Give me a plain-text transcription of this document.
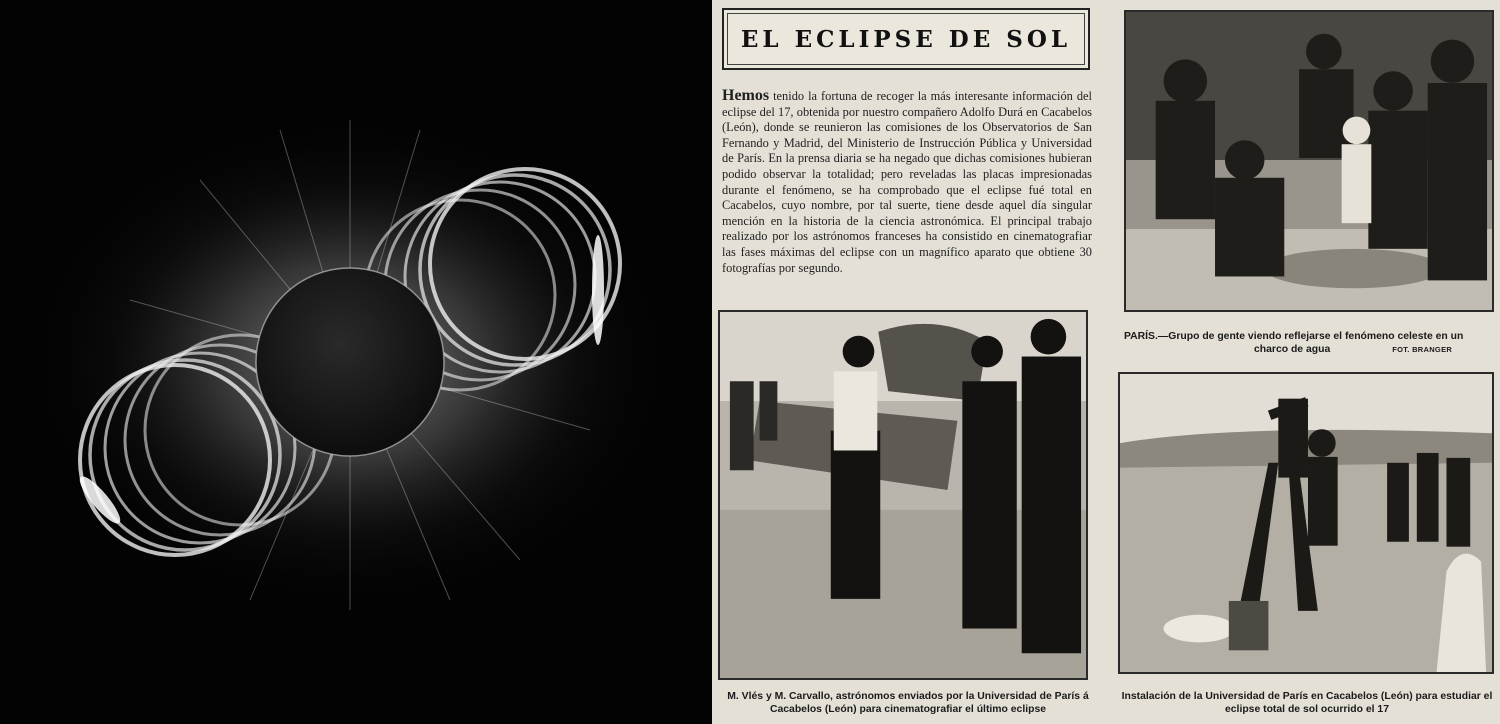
EL ECLIPSE DE SOL

Hemos tenido la fortuna de recoger la más interesante información del eclipse del 17, obtenida por nuestro compañero Adolfo Durá en Cacabelos (León), donde se reunieron las comisiones de los Observatorios de San Fernando y Madrid, del Ministerio de Instrucción Pública y Universidad de París. En la prensa diaria se ha negado que dichas comisiones hubieran podido observar la totalidad; pero reveladas las placas impresionadas durante el fenómeno, se ha comprobado que el eclipse fué total en Cacabelos, cuyo nombre, por tal suerte, tiene desde aquel día singular mención en la historia de la ciencia astronómica. El principal trabajo realizado por los astrónomos franceses ha consistido en cinematografiar las fases máximas del eclipse con un magnífico aparato que obtiene 30 fotografías por segundo.

PARÍS.—Grupo de gente viendo reflejarse el fenómeno celeste en un
charco de agua	FOT. BRANGER
M. Vlés y M. Carvallo, astrónomos enviados por la Universidad de París á Cacabelos (León) para cinematografiar el último eclipse
Instalación de la Universidad de París en Cacabelos (León) para estudiar el eclipse total de sol ocurrido el 17
